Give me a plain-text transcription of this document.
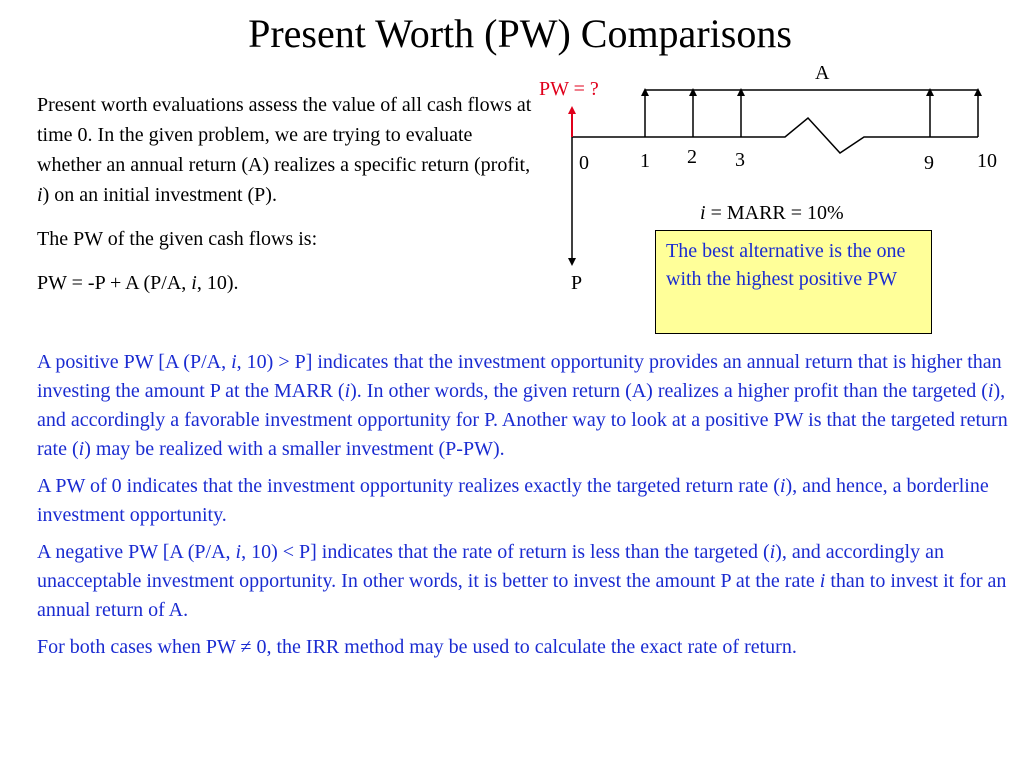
Present Worth (PW) Comparisons

Present worth evaluations assess the value of all cash flows at time 0. In the given problem, we are trying to evaluate whether an annual return (A) realizes a specific return (profit, i) on an initial investment (P).

The PW of the given cash flows is:

PW = -P + A (P/A, i, 10).

PW = ?
A
P
0	1 2 3	9 10
i = MARR = 10%
The best alternative is the one with the highest positive PW

A positive PW [A (P/A, i, 10) > P] indicates that the investment opportunity provides an annual return that is higher than investing the amount P at the MARR (i). In other words, the given return (A) realizes a higher profit than the targeted (i), and accordingly a favorable investment opportunity for P. Another way to look at a positive PW is that the targeted return rate (i) may be realized with a smaller investment (P-PW).

A PW of 0 indicates that the investment opportunity realizes exactly the targeted return rate (i), and hence, a borderline investment opportunity.

A negative PW [A (P/A, i, 10) < P] indicates that the rate of return is less than the targeted (i), and accordingly an unacceptable investment opportunity. In other words, it is better to invest the amount P at the rate i than to invest it for an annual return of A.

For both cases when PW ≠ 0, the IRR method may be used to calculate the exact rate of return.
